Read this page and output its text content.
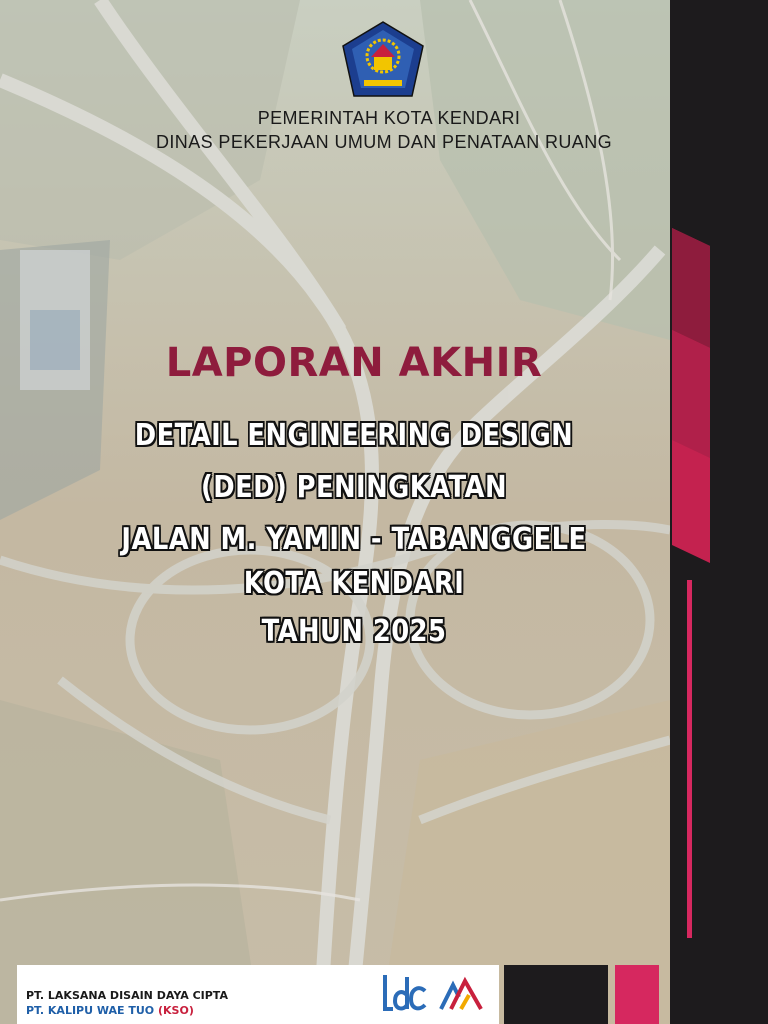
PEMERINTAH KOTA KENDARI
DINAS PEKERJAAN UMUM DAN PENATAAN RUANG
LAPORAN AKHIR
DETAIL ENGINEERING DESIGN
(DED) PENINGKATAN
JALAN M. YAMIN - TABANGGELE
KOTA KENDARI
TAHUN 2025
PT. LAKSANA DISAIN DAYA CIPTA
PT. KALIPU WAE TUO (KSO)
